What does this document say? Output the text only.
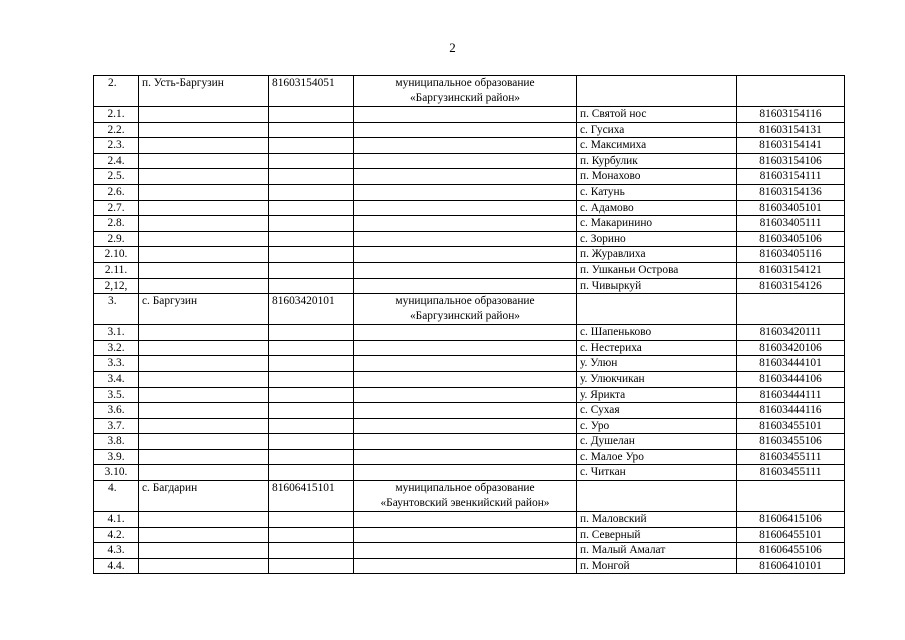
2
2.	п. Усть-Баргузин	81603154051	муниципальное образование
«Баргузинский район»		

2.1.				п. Святой нос	81603154116
2.2.				с. Гусиха	81603154131
2.3.				с. Максимиха	81603154141
2.4.				п. Курбулик	81603154106
2.5.				п. Монахово	81603154111
2.6.				с. Катунь	81603154136
2.7.				с. Адамово	81603405101
2.8.				с. Макаринино	81603405111
2.9.				с. Зорино	81603405106
2.10.				п. Журавлиха	81603405116
2.11.				п. Ушканьи Острова	81603154121
2,12,				п. Чивыркуй	81603154126
3.	с. Баргузин	81603420101	муниципальное образование
«Баргузинский район»		

3.1.				с. Шапеньково	81603420111
3.2.				с. Нестериха	81603420106
3.3.				у. Улюн	81603444101
3.4.				у. Улюкчикан	81603444106
3.5.				у. Ярикта	81603444111
3.6.				с. Сухая	81603444116
3.7.				с. Уро	81603455101
3.8.				с. Душелан	81603455106
3.9.				с. Малое Уро	81603455111
3.10.				с. Читкан	81603455111
4.	с. Багдарин	81606415101	муниципальное образование
«Баунтовский эвенкийский район»		

4.1.				п. Маловский	81606415106
4.2.				п. Северный	81606455101
4.3.				п. Малый Амалат	81606455106
4.4.				п. Монгой	81606410101
